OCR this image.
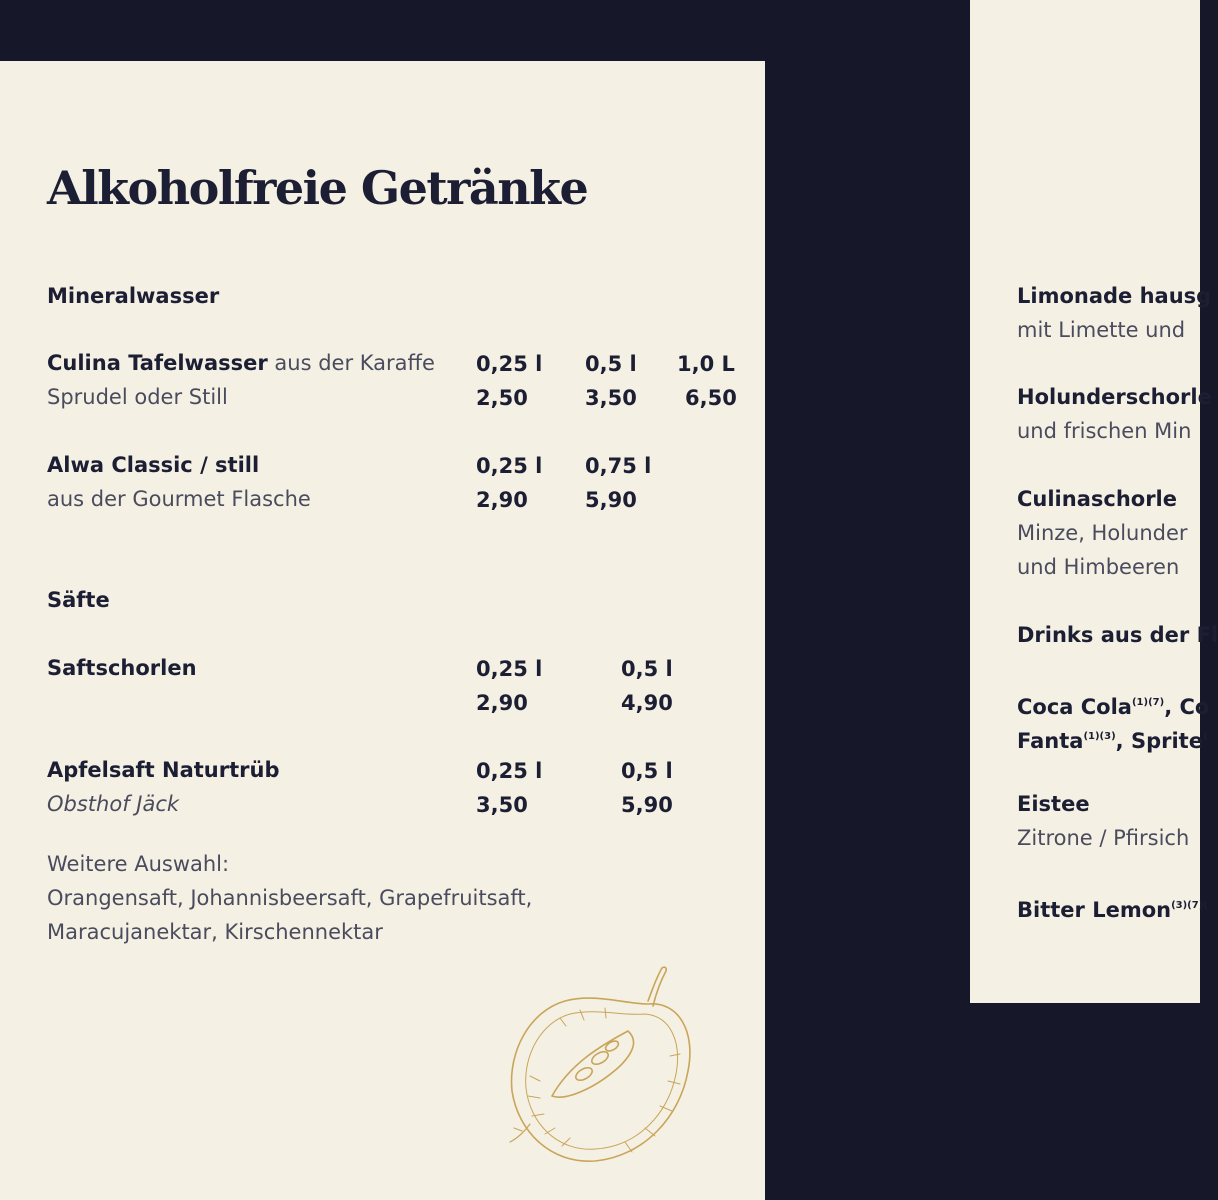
Alkoholfreie Getränke
Mineralwasser
Culina Tafelwasser aus der Karaffe
Sprudel oder Still
0,25 l 0,5 l 1,0 L
2,50	3,50 6,50
Alwa Classic / still
aus der Gourmet Flasche
0,25 l 0,75 l
2,90	5,90
Säfte
Saftschorlen	0,25 l	0,5 l
2,90	4,90
Apfelsaft Naturtrüb
Obsthof Jäck
0,25 l	0,5 l
3,50	5,90
Weitere Auswahl:
Orangensaft, Johannisbeersaft, Grapefruitsaft,
Maracujanektar, Kirschennektar
Limonade hausg
mit Limette und
Holunderschorle
und frischen Min
Culinaschorle
Minze, Holunder
und Himbeeren
Drinks aus der Fl
Coca Cola$^{(1)(7)}$, Co
Fanta$^{(1)(3)}$, Sprite(
Eistee
Zitrone / Pfirsich
Bitter Lemon$^{(3)(7)(}$
